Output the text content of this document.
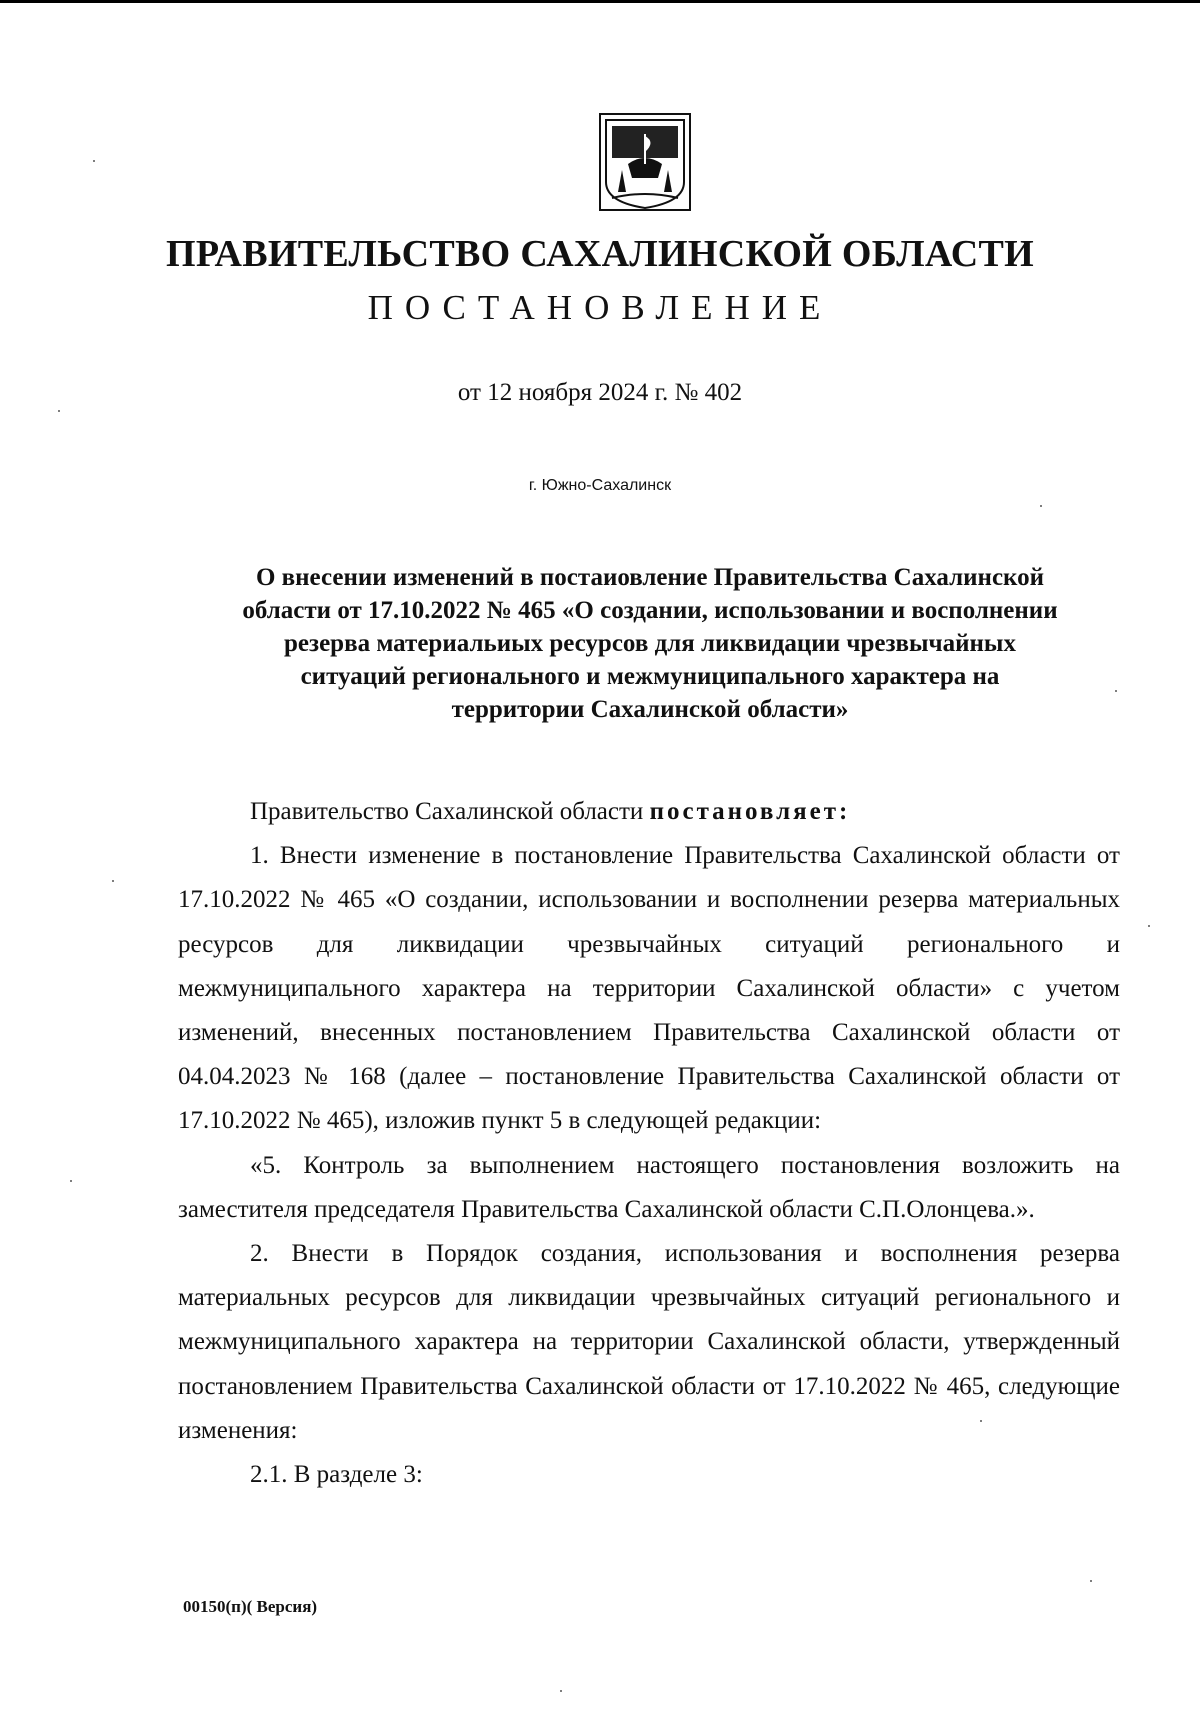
ПРАВИТЕЛЬСТВО САХАЛИНСКОЙ ОБЛАСТИ
ПОСТАНОВЛЕНИЕ
от 12 ноября 2024 г. № 402
г. Южно-Сахалинск
О внесении изменений в постаиовление Правительства Сахалинской
области от 17.10.2022 № 465 «О создании, использовании и восполнении
резерва материальиых ресурсов для ликвидации чрезвычайных
ситуаций регионального и межмуниципального характера на
территории Сахалинской области»

Правительство Сахалинской области постановляет:

1. Внести изменение в постановление Правительства Сахалинской области от 17.10.2022 № 465 «О создании, использовании и восполнении резерва материальных ресурсов для ликвидации чрезвычайных ситуаций регионального и межмуниципального характера на территории Сахалинской области» с учетом изменений, внесенных постановлением Правительства Сахалинской области от 04.04.2023 № 168 (далее – постановление Правительства Сахалинской области от 17.10.2022 № 465), изложив пункт 5 в следующей редакции:

«5. Контроль за выполнением настоящего постановления возложить на заместителя председателя Правительства Сахалинской области С.П.Олонцева.».

2. Внести в Порядок создания, использования и восполнения резерва материальных ресурсов для ликвидации чрезвычайных ситуаций регионального и межмуниципального характера на территории Сахалинской области, утвержденный постановлением Правительства Сахалинской области от 17.10.2022 № 465, следующие изменения:

2.1. В разделе 3:

00150(п)( Версия)
